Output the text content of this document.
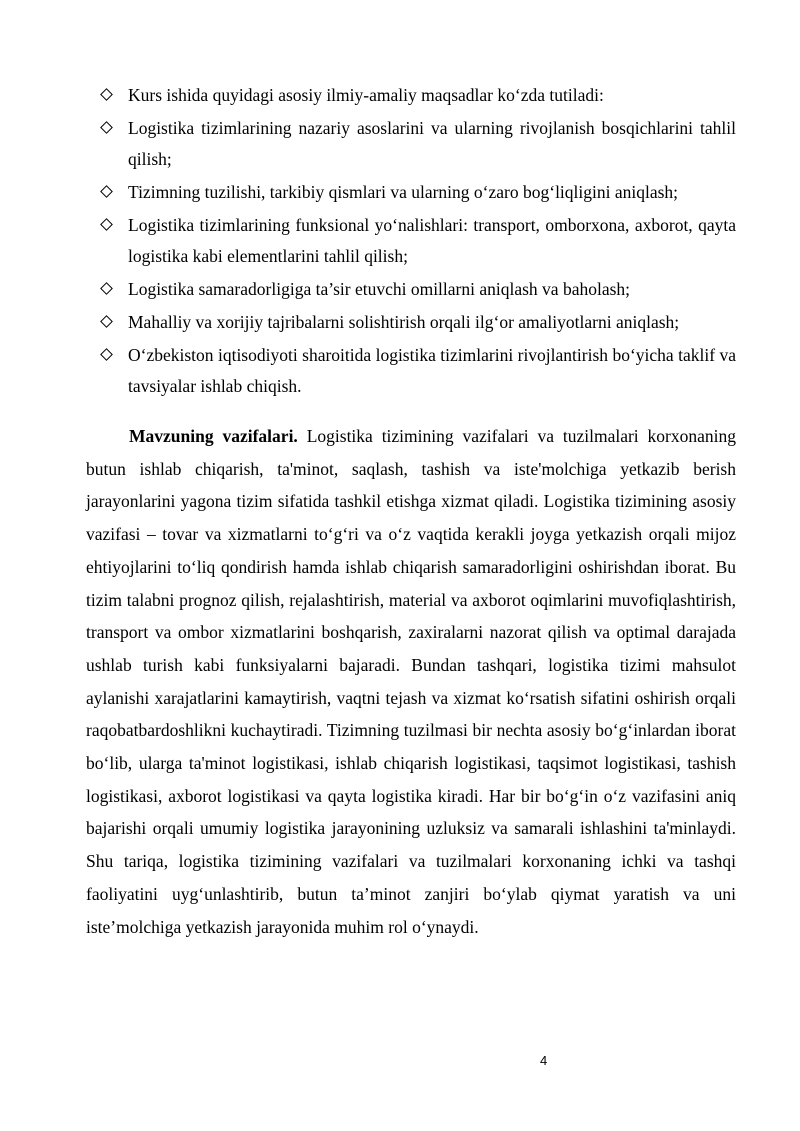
Kurs ishida quyidagi asosiy ilmiy-amaliy maqsadlar koʻzda tutiladi:
Logistika tizimlarining nazariy asoslarini va ularning rivojlanish bosqichlarini tahlil qilish;
Tizimning tuzilishi, tarkibiy qismlari va ularning oʻzaro bogʻliqligini aniqlash;
Logistika tizimlarining funksional yoʻnalishlari: transport, omborxona, axborot, qayta logistika kabi elementlarini tahlil qilish;
Logistika samaradorligiga ta’sir etuvchi omillarni aniqlash va baholash;
Mahalliy va xorijiy tajribalarni solishtirish orqali ilgʻor amaliyotlarni aniqlash;
Oʻzbekiston iqtisodiyoti sharoitida logistika tizimlarini rivojlantirish boʻyicha taklif va tavsiyalar ishlab chiqish.

Mavzuning vazifalari. Logistika tizimining vazifalari va tuzilmalari korxonaning butun ishlab chiqarish, ta'minot, saqlash, tashish va iste'molchiga yetkazib berish jarayonlarini yagona tizim sifatida tashkil etishga xizmat qiladi. Logistika tizimining asosiy vazifasi – tovar va xizmatlarni toʻgʻri va oʻz vaqtida kerakli joyga yetkazish orqali mijoz ehtiyojlarini toʻliq qondirish hamda ishlab chiqarish samaradorligini oshirishdan iborat. Bu tizim talabni prognoz qilish, rejalashtirish, material va axborot oqimlarini muvofiqlashtirish, transport va ombor xizmatlarini boshqarish, zaxiralarni nazorat qilish va optimal darajada ushlab turish kabi funksiyalarni bajaradi. Bundan tashqari, logistika tizimi mahsulot aylanishi xarajatlarini kamaytirish, vaqtni tejash va xizmat koʻrsatish sifatini oshirish orqali raqobatbardoshlikni kuchaytiradi. Tizimning tuzilmasi bir nechta asosiy boʻgʻinlardan iborat boʻlib, ularga ta'minot logistikasi, ishlab chiqarish logistikasi, taqsimot logistikasi, tashish logistikasi, axborot logistikasi va qayta logistika kiradi. Har bir boʻgʻin oʻz vazifasini aniq bajarishi orqali umumiy logistika jarayonining uzluksiz va samarali ishlashini ta'minlaydi. Shu tariqa, logistika tizimining vazifalari va tuzilmalari korxonaning ichki va tashqi faoliyatini uygʻunlashtirib, butun ta’minot zanjiri boʻylab qiymat yaratish va uni iste’molchiga yetkazish jarayonida muhim rol oʻynaydi.

4
